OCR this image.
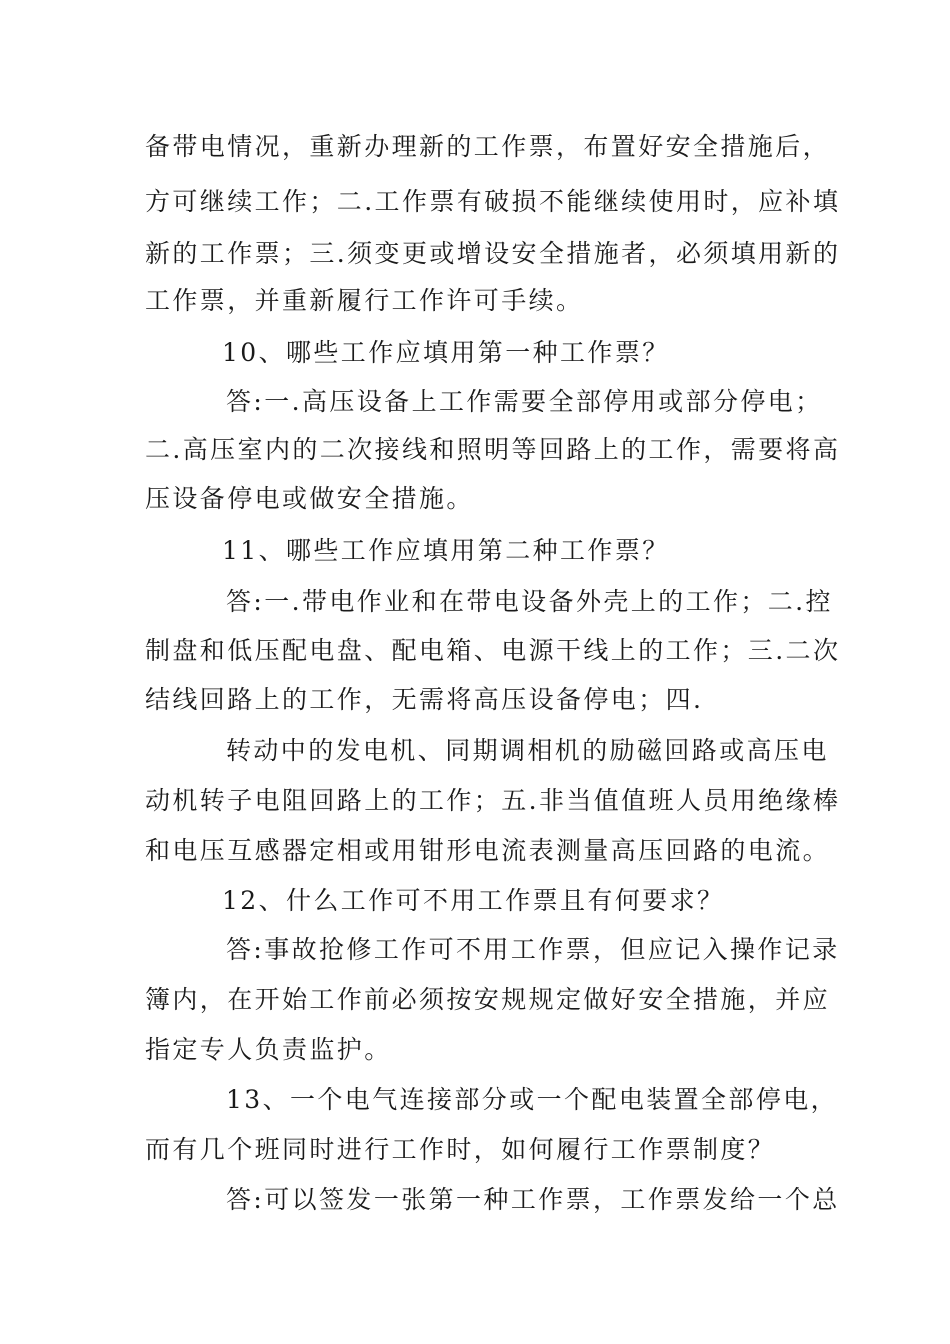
备带电情况，重新办理新的工作票，布置好安全措施后，
方可继续工作；二.工作票有破损不能继续使用时，应补填
新的工作票；三.须变更或增设安全措施者，必须填用新的
工作票，并重新履行工作许可手续。
10、哪些工作应填用第一种工作票？
答:一.高压设备上工作需要全部停用或部分停电；
二.高压室内的二次接线和照明等回路上的工作，需要将高
压设备停电或做安全措施。
11、哪些工作应填用第二种工作票？
答:一.带电作业和在带电设备外壳上的工作；二.控
制盘和低压配电盘、配电箱、电源干线上的工作；三.二次
结线回路上的工作，无需将高压设备停电；四.
转动中的发电机、同期调相机的励磁回路或高压电
动机转子电阻回路上的工作；五.非当值值班人员用绝缘棒
和电压互感器定相或用钳形电流表测量高压回路的电流。
12、什么工作可不用工作票且有何要求？
答:事故抢修工作可不用工作票，但应记入操作记录
簿内，在开始工作前必须按安规规定做好安全措施，并应
指定专人负责监护。
13、一个电气连接部分或一个配电装置全部停电，
而有几个班同时进行工作时，如何履行工作票制度？
答:可以签发一张第一种工作票，工作票发给一个总
